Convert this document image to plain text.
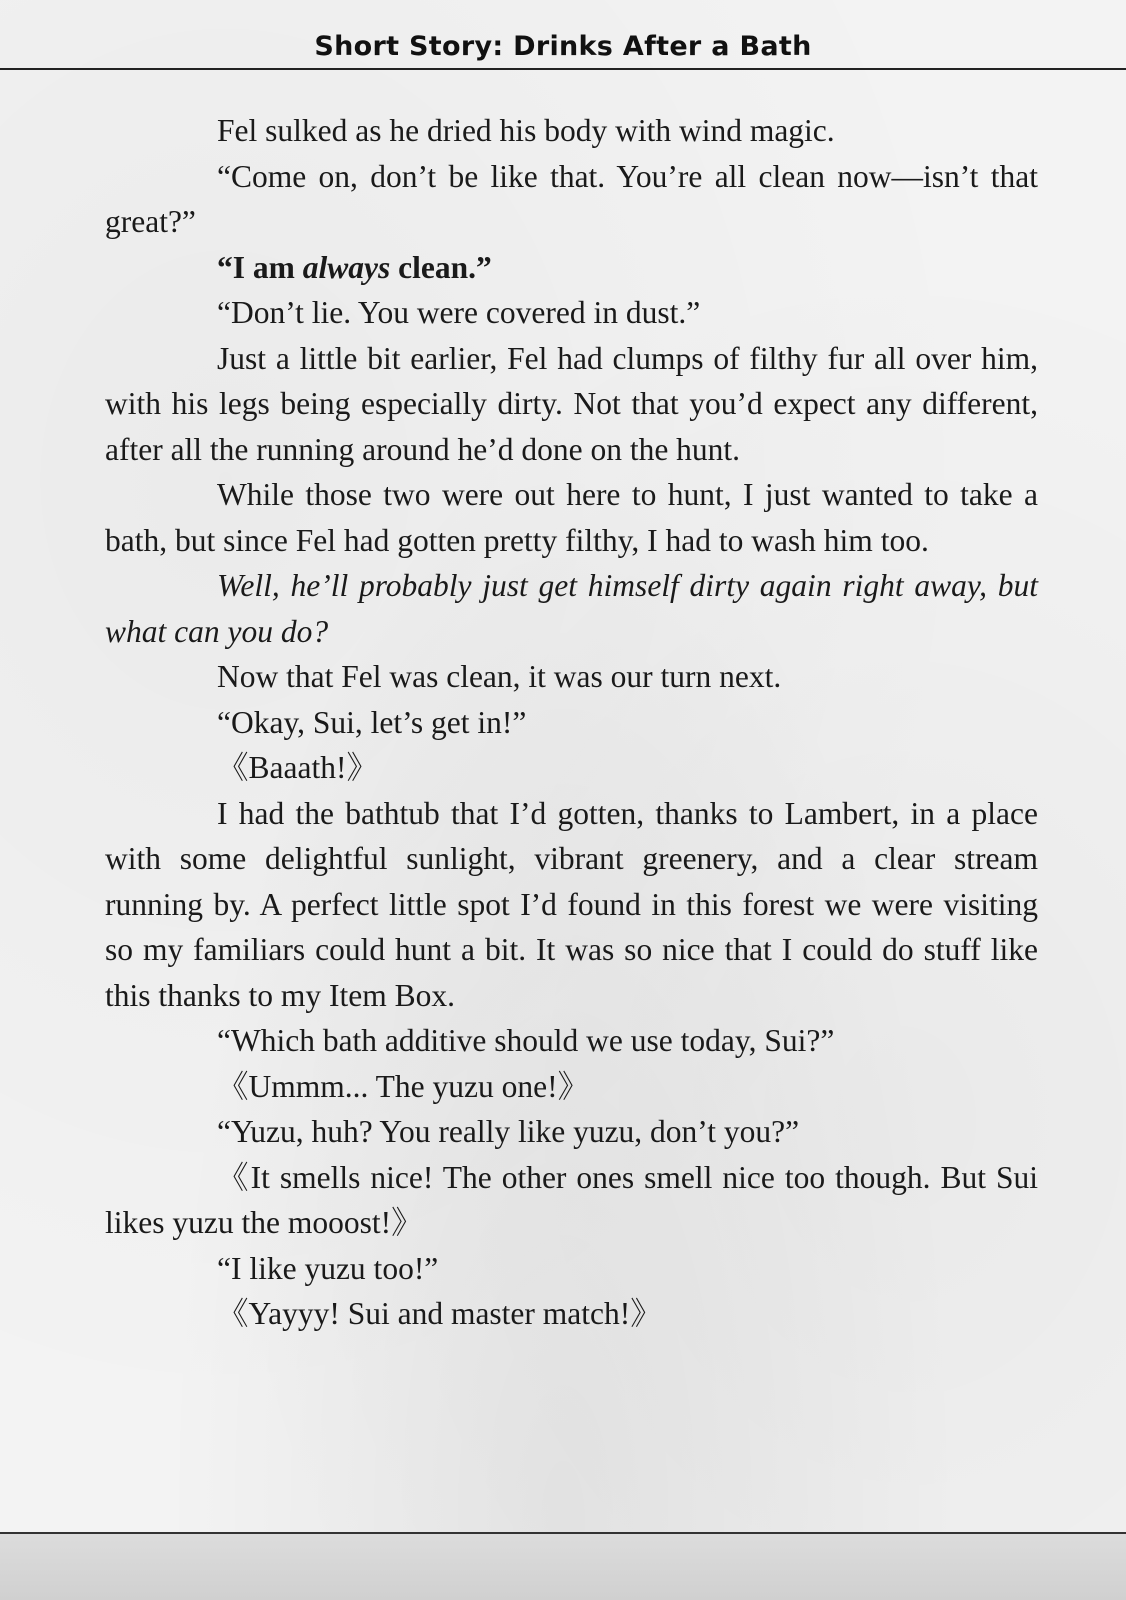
Short Story: Drinks After a Bath

Fel sulked as he dried his body with wind magic.

“Come on, don’t be like that. You’re all clean now—isn’t that great?”

“I am always clean.”

“Don’t lie. You were covered in dust.”

Just a little bit earlier, Fel had clumps of filthy fur all over him, with his legs being especially dirty. Not that you’d expect any different, after all the running around he’d done on the hunt.

While those two were out here to hunt, I just wanted to take a bath, but since Fel had gotten pretty filthy, I had to wash him too.

Well, he’ll probably just get himself dirty again right away, but what can you do?

Now that Fel was clean, it was our turn next.

“Okay, Sui, let’s get in!”

《Baaath!》

I had the bathtub that I’d gotten, thanks to Lambert, in a place with some delightful sunlight, vibrant greenery, and a clear stream running by. A perfect little spot I’d found in this forest we were visiting so my familiars could hunt a bit. It was so nice that I could do stuff like this thanks to my Item Box.

“Which bath additive should we use today, Sui?”

《Ummm... The yuzu one!》

“Yuzu, huh? You really like yuzu, don’t you?”

《It smells nice! The other ones smell nice too though. But Sui likes yuzu the mooost!》

“I like yuzu too!”

《Yayyy! Sui and master match!》
